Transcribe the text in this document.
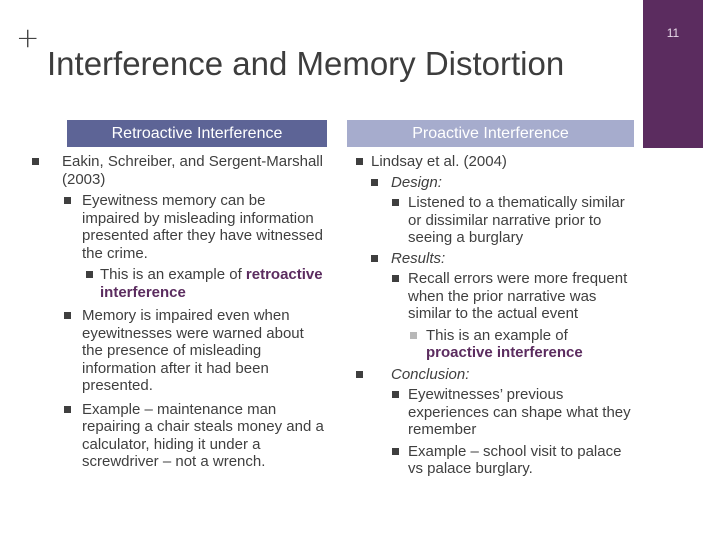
+
Interference and Memory Distortion
11
Retroactive Interference	Proactive Interference

Eakin, Schreiber, and Sergent-Marshall (2003)

Eyewitness memory can be impaired by misleading information presented after they have witnessed the crime.

This is an example of retroactive interference

Memory is impaired even when eyewitnesses were warned about the presence of misleading information after it had been presented.

Example – maintenance man repairing a chair steals money and a calculator, hiding it under a screwdriver – not a wrench.

Lindsay et al. (2004)

Design:

Listened to a thematically similar or dissimilar narrative prior to seeing a burglary

Results:

Recall errors were more frequent when the prior narrative was similar to the actual event

This is an example of
proactive interference

Conclusion:

Eyewitnesses’ previous experiences can shape what they remember

Example – school visit to palace vs palace burglary.
